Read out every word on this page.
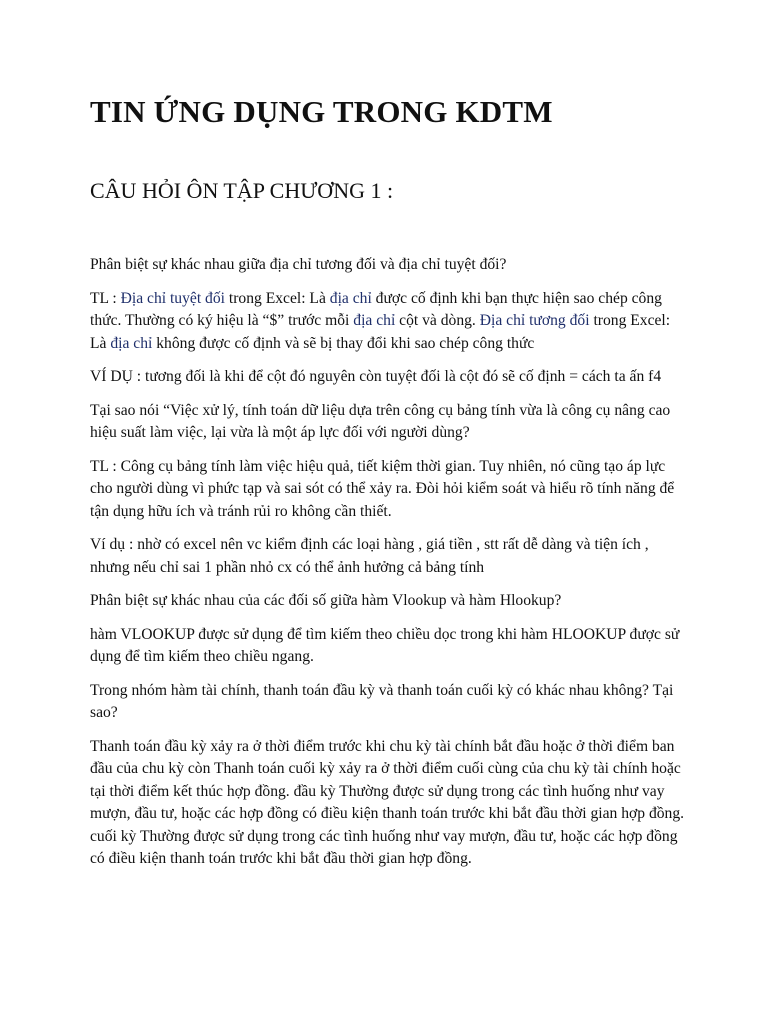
TIN ỨNG DỤNG TRONG KDTM
CÂU HỎI ÔN TẬP CHƯƠNG 1 :

Phân biệt sự khác nhau giữa địa chỉ tương đối và địa chỉ tuyệt đối?

TL : Địa chỉ tuyệt đối trong Excel: Là địa chỉ được cố định khi bạn thực hiện sao chép công thức. Thường có ký hiệu là “$” trước mỗi địa chỉ cột và dòng. Địa chỉ tương đối trong Excel: Là địa chỉ không được cố định và sẽ bị thay đổi khi sao chép công thức

VÍ DỤ : tương đối là khi để cột đó nguyên còn tuyệt đối là cột đó sẽ cố định = cách ta ấn f4

Tại sao nói “Việc xử lý, tính toán dữ liệu dựa trên công cụ bảng tính vừa là công cụ nâng cao hiệu suất làm việc, lại vừa là một áp lực đối với người dùng?

TL : Công cụ bảng tính làm việc hiệu quả, tiết kiệm thời gian. Tuy nhiên, nó cũng tạo áp lực cho người dùng vì phức tạp và sai sót có thể xảy ra. Đòi hỏi kiểm soát và hiểu rõ tính năng để tận dụng hữu ích và tránh rủi ro không cần thiết.

Ví dụ : nhờ có excel nên vc kiểm định các loại hàng , giá tiền , stt rất dễ dàng và tiện ích , nhưng nếu chỉ sai 1 phần nhỏ cx có thể ảnh hưởng cả bảng tính

Phân biệt sự khác nhau của các đối số giữa hàm Vlookup và hàm Hlookup?

hàm VLOOKUP được sử dụng để tìm kiếm theo chiều dọc trong khi hàm HLOOKUP được sử dụng để tìm kiếm theo chiều ngang.

Trong nhóm hàm tài chính, thanh toán đầu kỳ và thanh toán cuối kỳ có khác nhau không? Tại sao?

Thanh toán đầu kỳ xảy ra ở thời điểm trước khi chu kỳ tài chính bắt đầu hoặc ở thời điểm ban đầu của chu kỳ còn Thanh toán cuối kỳ xảy ra ở thời điểm cuối cùng của chu kỳ tài chính hoặc tại thời điểm kết thúc hợp đồng. đầu kỳ Thường được sử dụng trong các tình huống như vay mượn, đầu tư, hoặc các hợp đồng có điều kiện thanh toán trước khi bắt đầu thời gian hợp đồng. cuối kỳ Thường được sử dụng trong các tình huống như vay mượn, đầu tư, hoặc các hợp đồng có điều kiện thanh toán trước khi bắt đầu thời gian hợp đồng.
